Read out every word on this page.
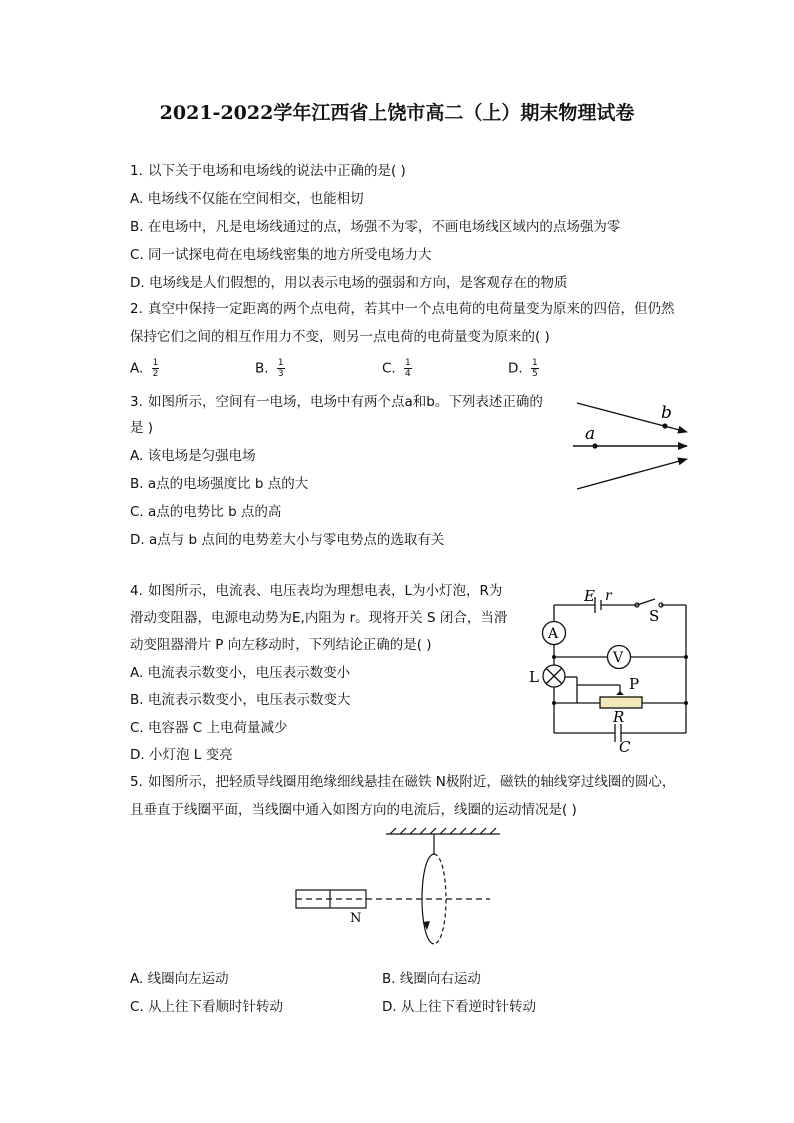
2021-2022学年江西省上饶市高二（上）期末物理试卷
1. 以下关于电场和电场线的说法中正确的是( )
A. 电场线不仅能在空间相交，也能相切
B. 在电场中，凡是电场线通过的点，场强不为零，不画电场线区域内的点场强为零
C. 同一试探电荷在电场线密集的地方所受电场力大
D. 电场线是人们假想的，用以表示电场的强弱和方向，是客观存在的物质
2. 真空中保持一定距离的两个点电荷，若其中一个点电荷的电荷量变为原来的四倍，但仍然
保持它们之间的相互作用力不变，则另一点电荷的电荷量变为原来的( )
A. $\frac{1}{2}$	B. $\frac{1}{3}$	C. $\frac{1}{4}$	D. $\frac{1}{5}$
3. 如图所示，空间有一电场，电场中有两个点a和b。下列表述正确的
是 )
A. 该电场是匀强电场
B. a点的电场强度比 b 点的大
C. a点的电势比 b 点的高
D. a点与 b 点间的电势差大小与零电势点的选取有关
b
a
4. 如图所示，电流表、电压表均为理想电表，L为小灯泡，R为
滑动变阻器，电源电动势为E,内阻为 r。现将开关 S 闭合，当滑
动变阻器滑片 P 向左移动时，下列结论正确的是( )
A. 电流表示数变小，电压表示数变小
B. 电流表示数变小，电压表示数变大
C. 电容器 C 上电荷量减少
D. 小灯泡 L 变亮
E r
S
A
V
L	P
R
C
5. 如图所示，把轻质导线圈用绝缘细线悬挂在磁铁 N极附近，磁铁的轴线穿过线圈的圆心，
且垂直于线圈平面，当线圈中通入如图方向的电流后，线圈的运动情况是( )
N
A. 线圈向左运动	B. 线圈向右运动
C. 从上往下看顺时针转动	D. 从上往下看逆时针转动
